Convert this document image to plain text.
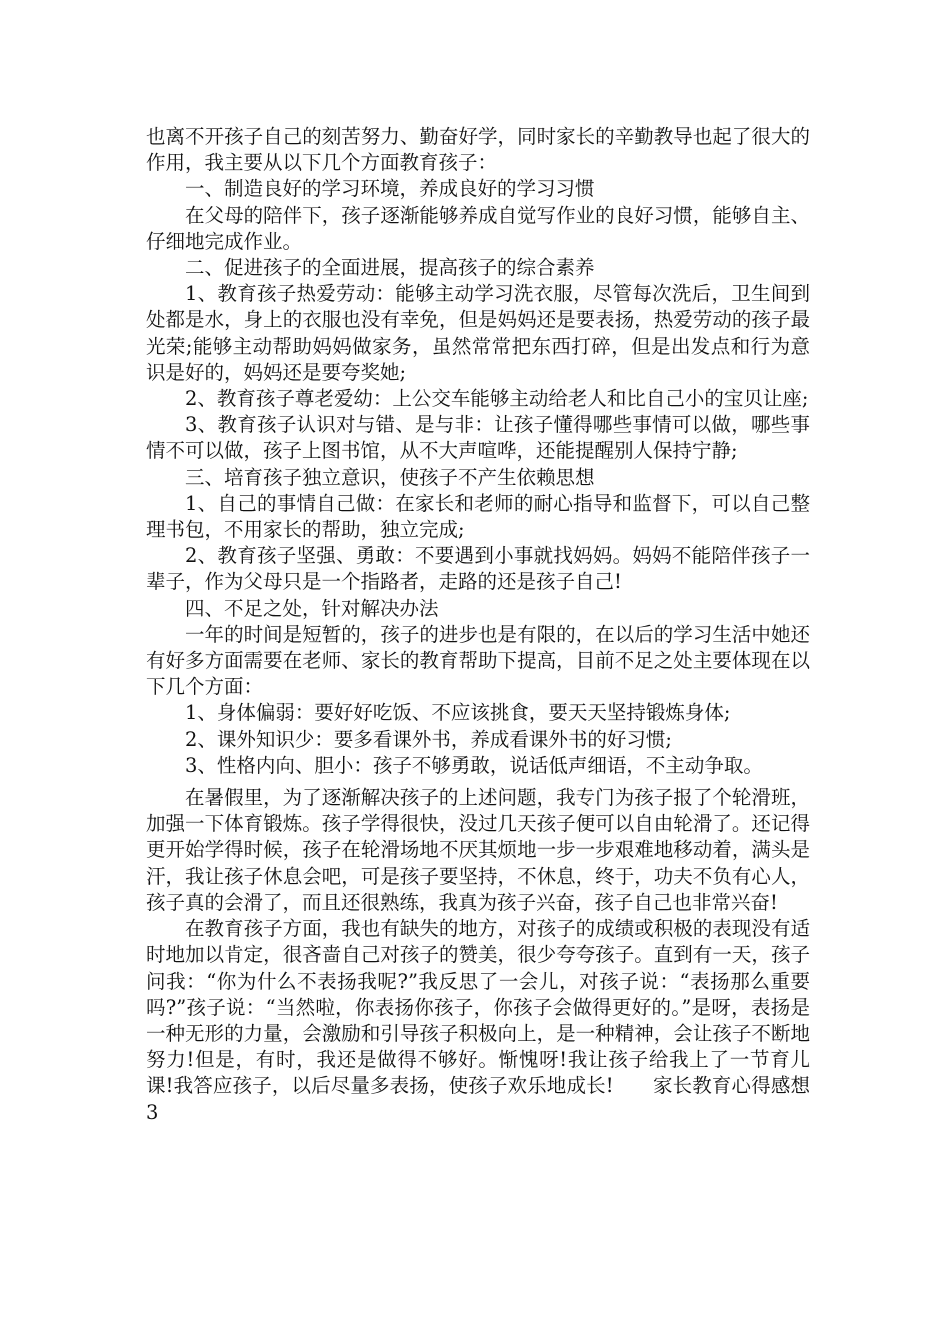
也离不开孩子自己的刻苦努力、勤奋好学，同时家长的辛勤教导也起了很大的作用，我主要从以下几个方面教育孩子：

一、制造良好的学习环境，养成良好的学习习惯

在父母的陪伴下，孩子逐渐能够养成自觉写作业的良好习惯，能够自主、仔细地完成作业。

二、促进孩子的全面进展，提高孩子的综合素养

1、教育孩子热爱劳动：能够主动学习洗衣服，尽管每次洗后，卫生间到处都是水，身上的衣服也没有幸免，但是妈妈还是要表扬，热爱劳动的孩子最光荣;能够主动帮助妈妈做家务，虽然常常把东西打碎，但是出发点和行为意识是好的，妈妈还是要夸奖她;

2、教育孩子尊老爱幼：上公交车能够主动给老人和比自己小的宝贝让座;

3、教育孩子认识对与错、是与非：让孩子懂得哪些事情可以做，哪些事情不可以做，孩子上图书馆，从不大声喧哗，还能提醒别人保持宁静;

三、培育孩子独立意识，使孩子不产生依赖思想

1、自己的事情自己做：在家长和老师的耐心指导和监督下，可以自己整理书包，不用家长的帮助，独立完成;

2、教育孩子坚强、勇敢：不要遇到小事就找妈妈。妈妈不能陪伴孩子一辈子，作为父母只是一个指路者，走路的还是孩子自己!

四、不足之处，针对解决办法

一年的时间是短暂的，孩子的进步也是有限的，在以后的学习生活中她还有好多方面需要在老师、家长的教育帮助下提高，目前不足之处主要体现在以下几个方面：

1、身体偏弱：要好好吃饭、不应该挑食，要天天坚持锻炼身体;

2、课外知识少：要多看课外书，养成看课外书的好习惯;

3、性格内向、胆小：孩子不够勇敢，说话低声细语，不主动争取。

在暑假里，为了逐渐解决孩子的上述问题，我专门为孩子报了个轮滑班，加强一下体育锻炼。孩子学得很快，没过几天孩子便可以自由轮滑了。还记得更开始学得时候，孩子在轮滑场地不厌其烦地一步一步艰难地移动着，满头是汗，我让孩子休息会吧，可是孩子要坚持，不休息，终于，功夫不负有心人，孩子真的会滑了，而且还很熟练，我真为孩子兴奋，孩子自己也非常兴奋!

在教育孩子方面，我也有缺失的地方，对孩子的成绩或积极的表现没有适时地加以肯定，很吝啬自己对孩子的赞美，很少夸夸孩子。直到有一天，孩子问我：“你为什么不表扬我呢?”我反思了一会儿，对孩子说：“表扬那么重要吗?”孩子说：“当然啦，你表扬你孩子，你孩子会做得更好的。”是呀，表扬是一种无形的力量，会激励和引导孩子积极向上，是一种精神，会让孩子不断地努力!但是，有时，我还是做得不够好。惭愧呀!我让孩子给我上了一节育儿课!我答应孩子，以后尽量多表扬，使孩子欢乐地成长!　　家长教育心得感想3
